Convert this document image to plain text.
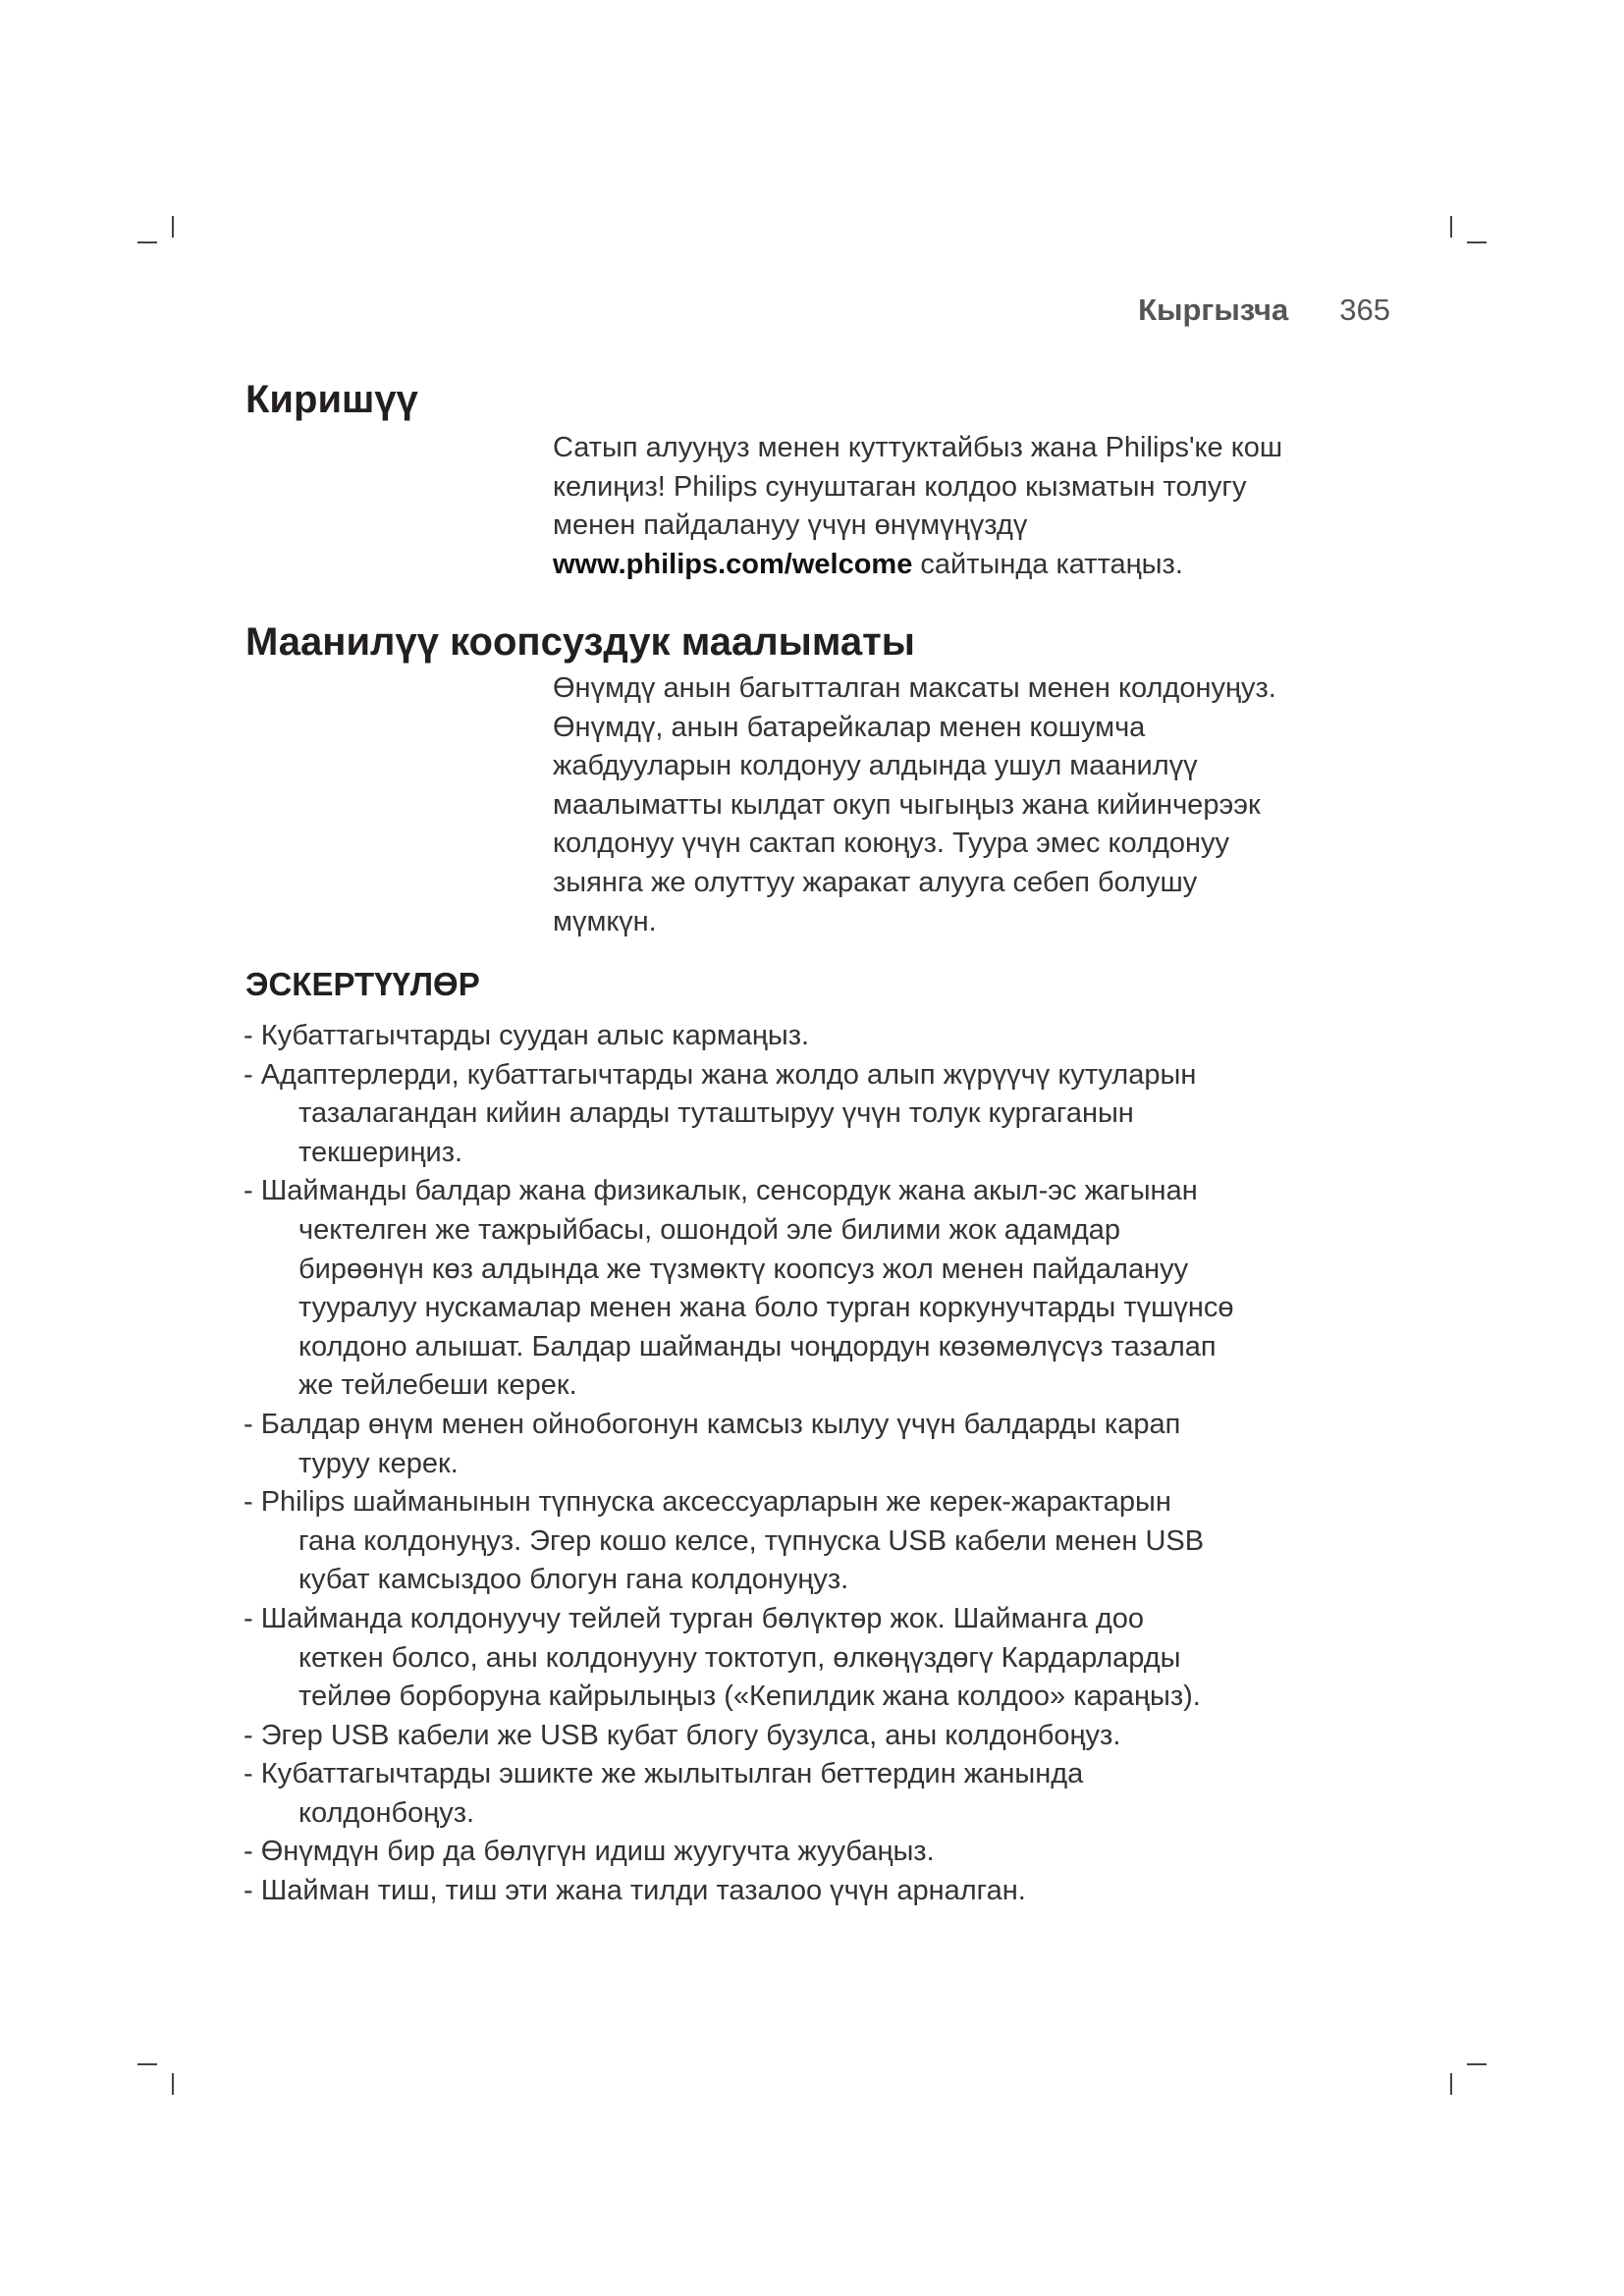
Кыргызча 365
Киришүү
Сатып алууңуз менен куттуктайбыз жана Philips'ке кош
келиңиз! Philips сунуштаган колдоо кызматын толугу
менен пайдалануу үчүн өнүмүңүздү
www.philips.com/welcome сайтында каттаңыз.
Маанилүү коопсуздук маалыматы
Өнүмдү анын багытталган максаты менен колдонуңуз.
Өнүмдү, анын батарейкалар менен кошумча
жабдууларын колдонуу алдында ушул маанилүү
маалыматты кылдат окуп чыгыңыз жана кийинчерээк
колдонуу үчүн сактап коюңуз. Туура эмес колдонуу
зыянга же олуттуу жаракат алууга себеп болушу
мүмкүн.
ЭСКЕРТҮҮЛӨР
- Кубаттагычтарды суудан алыс кармаңыз.
- Адаптерлерди, кубаттагычтарды жана жолдо алып жүрүүчү кутуларын
тазалагандан кийин аларды туташтыруу үчүн толук кургаганын
текшериңиз.
- Шайманды балдар жана физикалык, сенсордук жана акыл-эс жагынан
чектелген же тажрыйбасы, ошондой эле билими жок адамдар
бирөөнүн көз алдында же түзмөктү коопсуз жол менен пайдалануу
тууралуу нускамалар менен жана боло турган коркунучтарды түшүнсө
колдоно алышат. Балдар шайманды чоңдордун көзөмөлүсүз тазалап
же тейлебеши керек.
- Балдар өнүм менен ойнобогонун камсыз кылуу үчүн балдарды карап
туруу керек.
- Philips шайманынын түпнуска аксессуарларын же керек-жарактарын
гана колдонуңуз. Эгер кошо келсе, түпнуска USB кабели менен USB
кубат камсыздоо блогун гана колдонуңуз.
- Шайманда колдонуучу тейлей турган бөлүктөр жок. Шайманга доо
кеткен болсо, аны колдонууну токтотуп, өлкөңүздөгү Кардарларды
тейлөө борборуна кайрылыңыз («Кепилдик жана колдоо» караңыз).
- Эгер USB кабели же USB кубат блогу бузулса, аны колдонбоңуз.
- Кубаттагычтарды эшикте же жылытылган беттердин жанында
колдонбоңуз.
- Өнүмдүн бир да бөлүгүн идиш жуугучта жуубаңыз.
- Шайман тиш, тиш эти жана тилди тазалоо үчүн арналган.
